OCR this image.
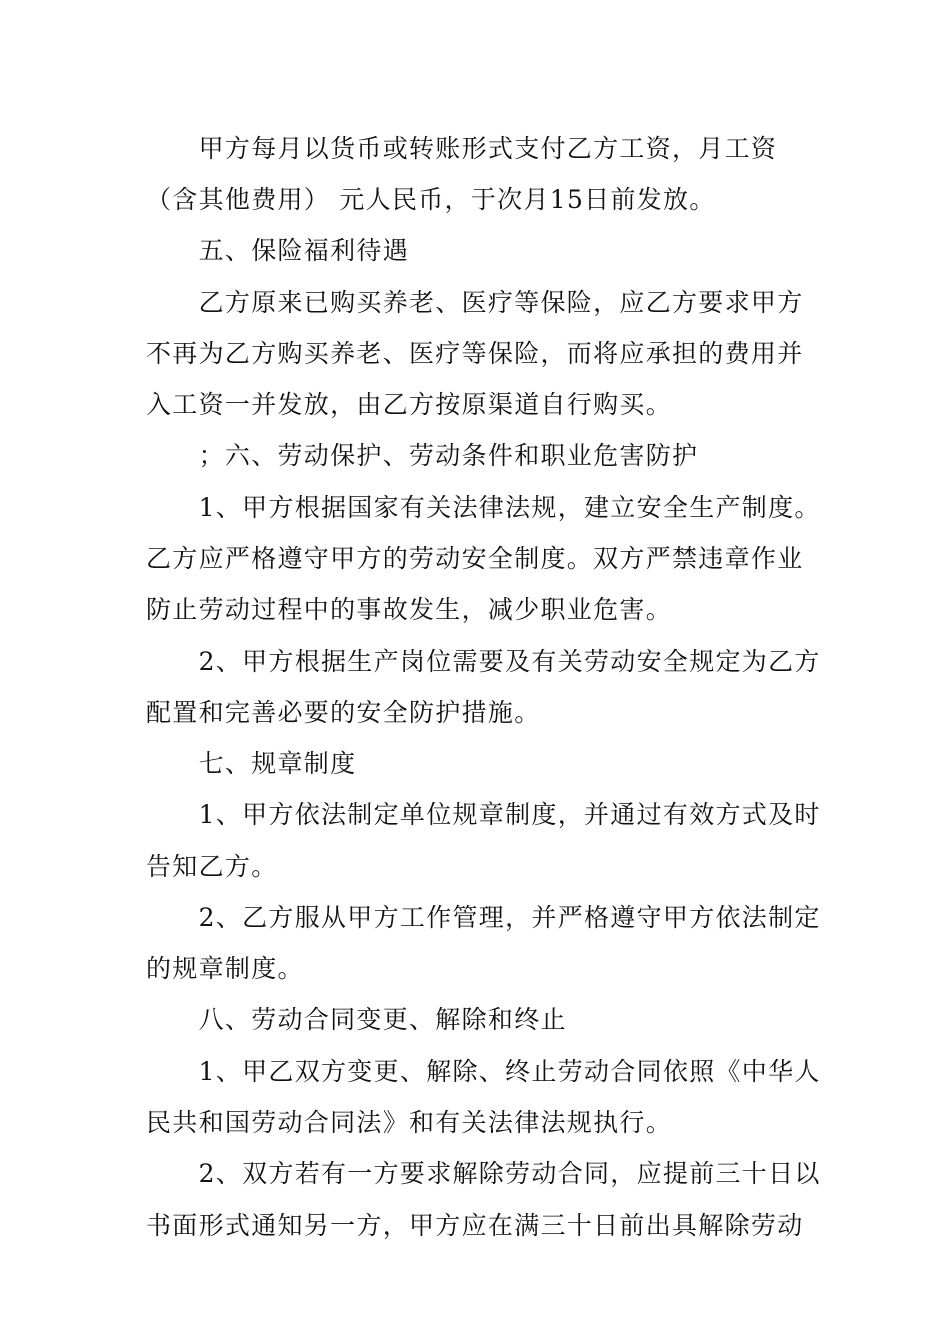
　　甲方每月以货币或转账形式支付乙方工资，月工资
（含其他费用） 元人民币，于次月15日前发放。
　　五、保险福利待遇
　　乙方原来已购买养老、医疗等保险，应乙方要求甲方
不再为乙方购买养老、医疗等保险，而将应承担的费用并
入工资一并发放，由乙方按原渠道自行购买。
　　；六、劳动保护、劳动条件和职业危害防护
　　1、甲方根据国家有关法律法规，建立安全生产制度。
乙方应严格遵守甲方的劳动安全制度。双方严禁违章作业
防止劳动过程中的事故发生，减少职业危害。
　　2、甲方根据生产岗位需要及有关劳动安全规定为乙方
配置和完善必要的安全防护措施。
　　七、规章制度
　　1、甲方依法制定单位规章制度，并通过有效方式及时
告知乙方。
　　2、乙方服从甲方工作管理，并严格遵守甲方依法制定
的规章制度。
　　八、劳动合同变更、解除和终止
　　1、甲乙双方变更、解除、终止劳动合同依照《中华人
民共和国劳动合同法》和有关法律法规执行。
　　2、双方若有一方要求解除劳动合同，应提前三十日以
书面形式通知另一方，甲方应在满三十日前出具解除劳动
